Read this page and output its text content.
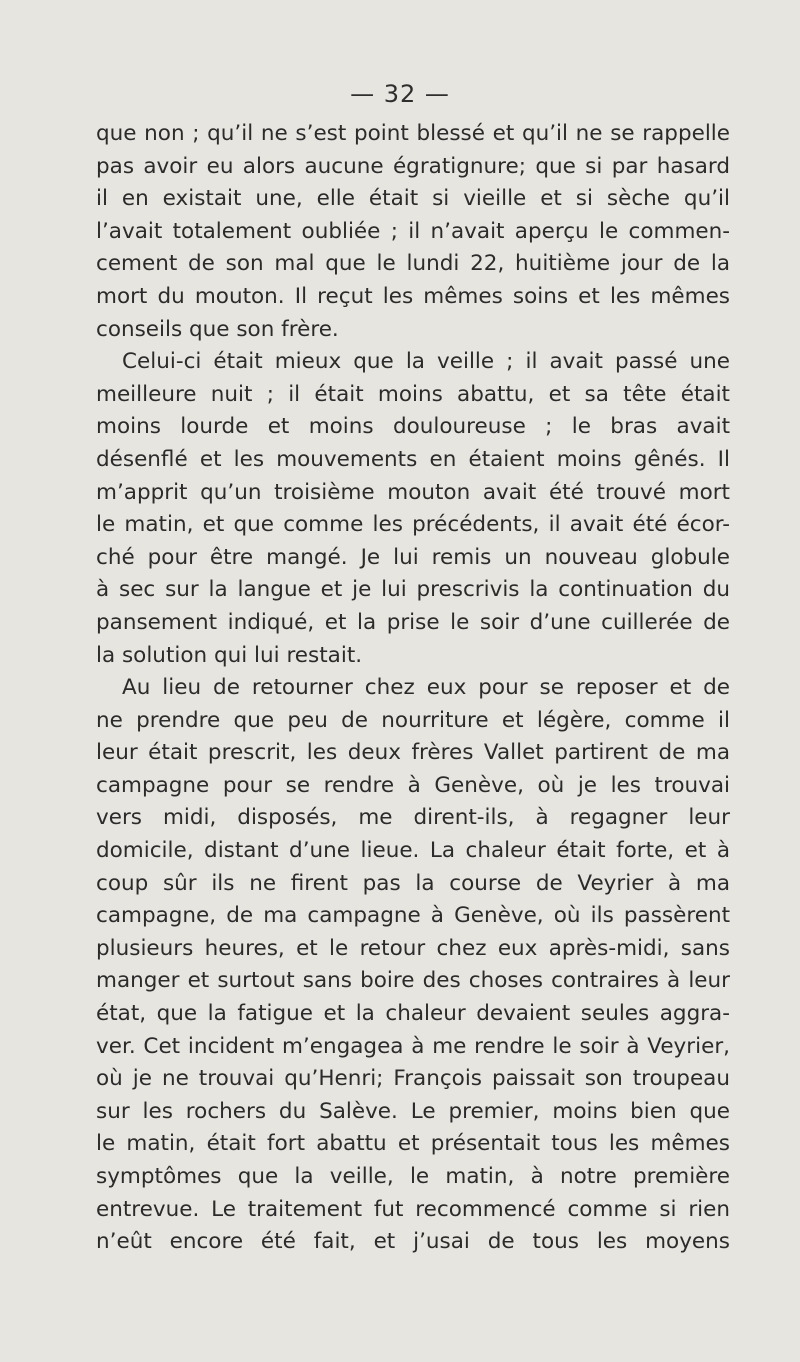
— 32 —
que non ; qu’il ne s’est point blessé et qu’il ne se rappelle
pas avoir eu alors aucune égratignure; que si par hasard
il en existait une, elle était si vieille et si sèche qu’il
l’avait totalement oubliée ; il n’avait aperçu le commen-
cement de son mal que le lundi 22, huitième jour de la
mort du mouton. Il reçut les mêmes soins et les mêmes
conseils que son frère.
Celui-ci était mieux que la veille ; il avait passé une
meilleure nuit ; il était moins abattu, et sa tête était
moins lourde et moins douloureuse ; le bras avait
désenflé et les mouvements en étaient moins gênés. Il
m’apprit qu’un troisième mouton avait été trouvé mort
le matin, et que comme les précédents, il avait été écor-
ché pour être mangé. Je lui remis un nouveau globule
à sec sur la langue et je lui prescrivis la continuation du
pansement indiqué, et la prise le soir d’une cuillerée de
la solution qui lui restait.
Au lieu de retourner chez eux pour se reposer et de
ne prendre que peu de nourriture et légère, comme il
leur était prescrit, les deux frères Vallet partirent de ma
campagne pour se rendre à Genève, où je les trouvai
vers midi, disposés, me dirent-ils, à regagner leur
domicile, distant d’une lieue. La chaleur était forte, et à
coup sûr ils ne firent pas la course de Veyrier à ma
campagne, de ma campagne à Genève, où ils passèrent
plusieurs heures, et le retour chez eux après-midi, sans
manger et surtout sans boire des choses contraires à leur
état, que la fatigue et la chaleur devaient seules aggra-
ver. Cet incident m’engagea à me rendre le soir à Veyrier,
où je ne trouvai qu’Henri; François paissait son troupeau
sur les rochers du Salève. Le premier, moins bien que
le matin, était fort abattu et présentait tous les mêmes
symptômes que la veille, le matin, à notre première
entrevue. Le traitement fut recommencé comme si rien
n’eût encore été fait, et j’usai de tous les moyens
